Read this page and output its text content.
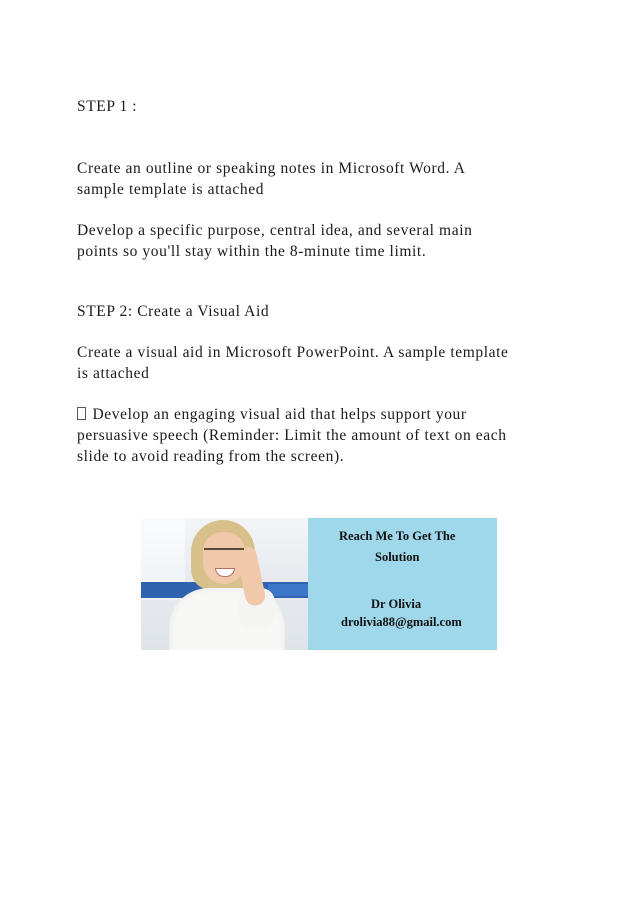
STEP 1 :
Create an outline or speaking notes in Microsoft Word. A
sample template is attached
Develop a specific purpose, central idea, and several main
points so you'll stay within the 8-minute time limit.
STEP 2: Create a Visual Aid
Create a visual aid in Microsoft PowerPoint. A sample template
is attached
Develop an engaging visual aid that helps support your
persuasive speech (Reminder: Limit the amount of text on each
slide to avoid reading from the screen).
Reach Me To Get The
Solution
Dr Olivia
drolivia88@gmail.com
